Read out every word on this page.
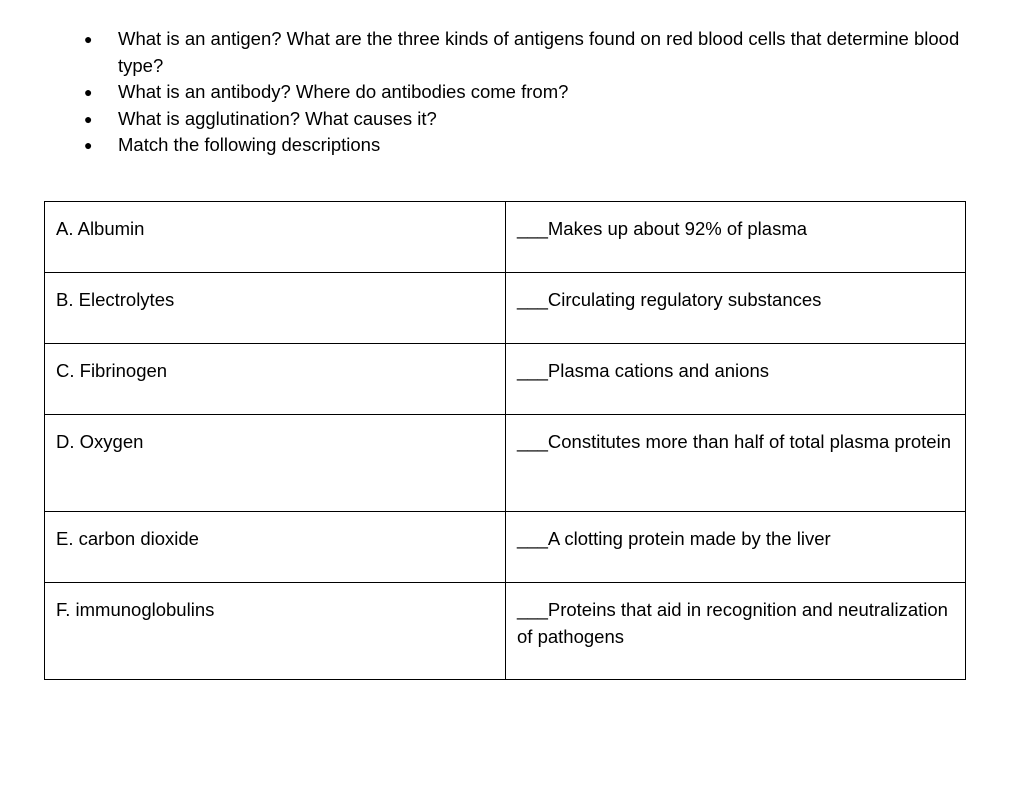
● What is an antigen? What are the three kinds of antigens found on red blood cells that determine blood type?
● What is an antibody? Where do antibodies come from?
● What is agglutination? What causes it?
● Match the following descriptions
A. Albumin	___Makes up about 92% of plasma
B. Electrolytes	___Circulating regulatory substances
C. Fibrinogen	___Plasma cations and anions
D. Oxygen	___Constitutes more than half of total plasma protein
E. carbon dioxide	___A clotting protein made by the liver
F. immunoglobulins	___Proteins that aid in recognition and neutralization of pathogens
